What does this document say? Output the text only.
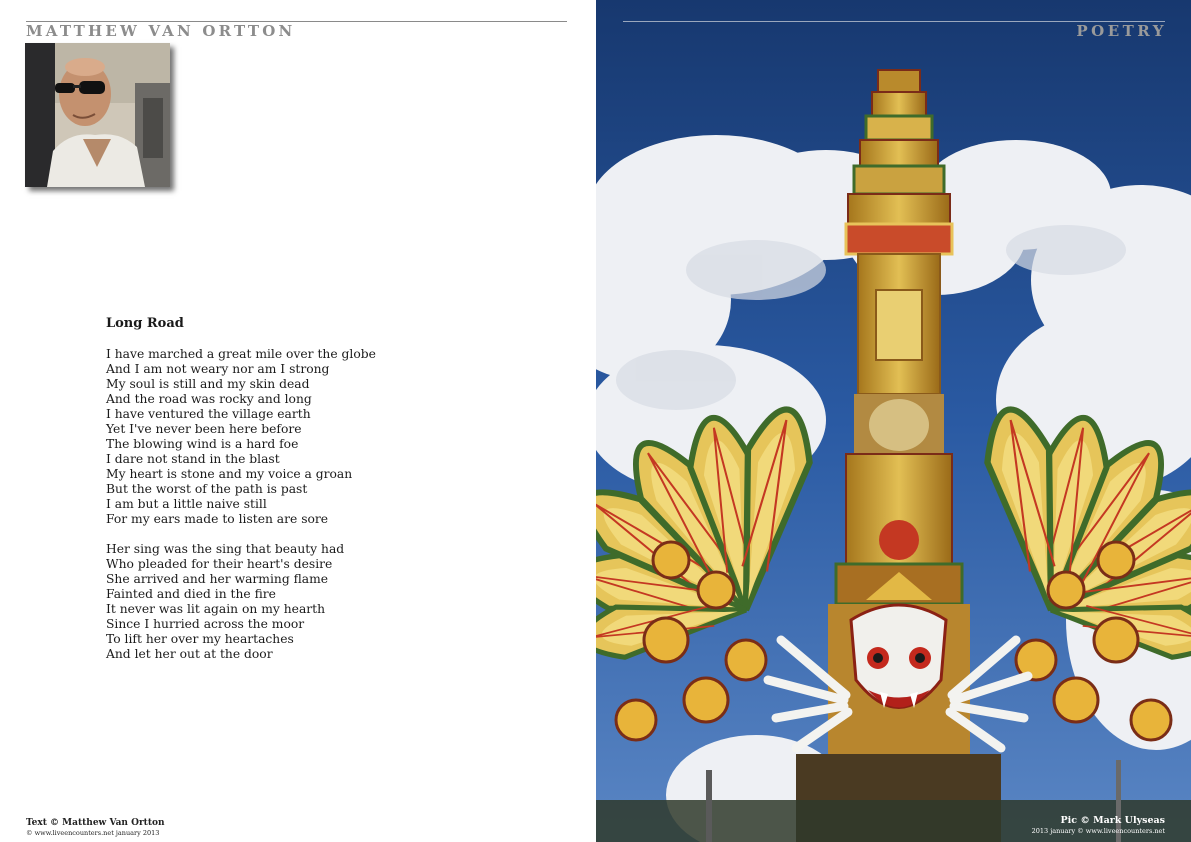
MATTHEW VAN ORTTON
Long Road

I have marched a great mile over the globe
And I am not weary nor am I strong
My soul is still and my skin dead
And the road was rocky and long
I have ventured the village earth
Yet I've never been here before
The blowing wind is a hard foe
I dare not stand in the blast
My heart is stone and my voice a groan
But the worst of the path is past
I am but a little naive still
For my ears made to listen are sore

Her sing was the sing that beauty had
Who pleaded for their heart's desire
She arrived and her warming flame
Fainted and died in the fire
It never was lit again on my hearth
Since I hurried across the moor
To lift her over my heartaches
And let her out at the door

Text © Matthew Van Ortton
© www.liveencounters.net january 2013
POETRY
Pic © Mark Ulyseas
2013 january © www.liveencounters.net
